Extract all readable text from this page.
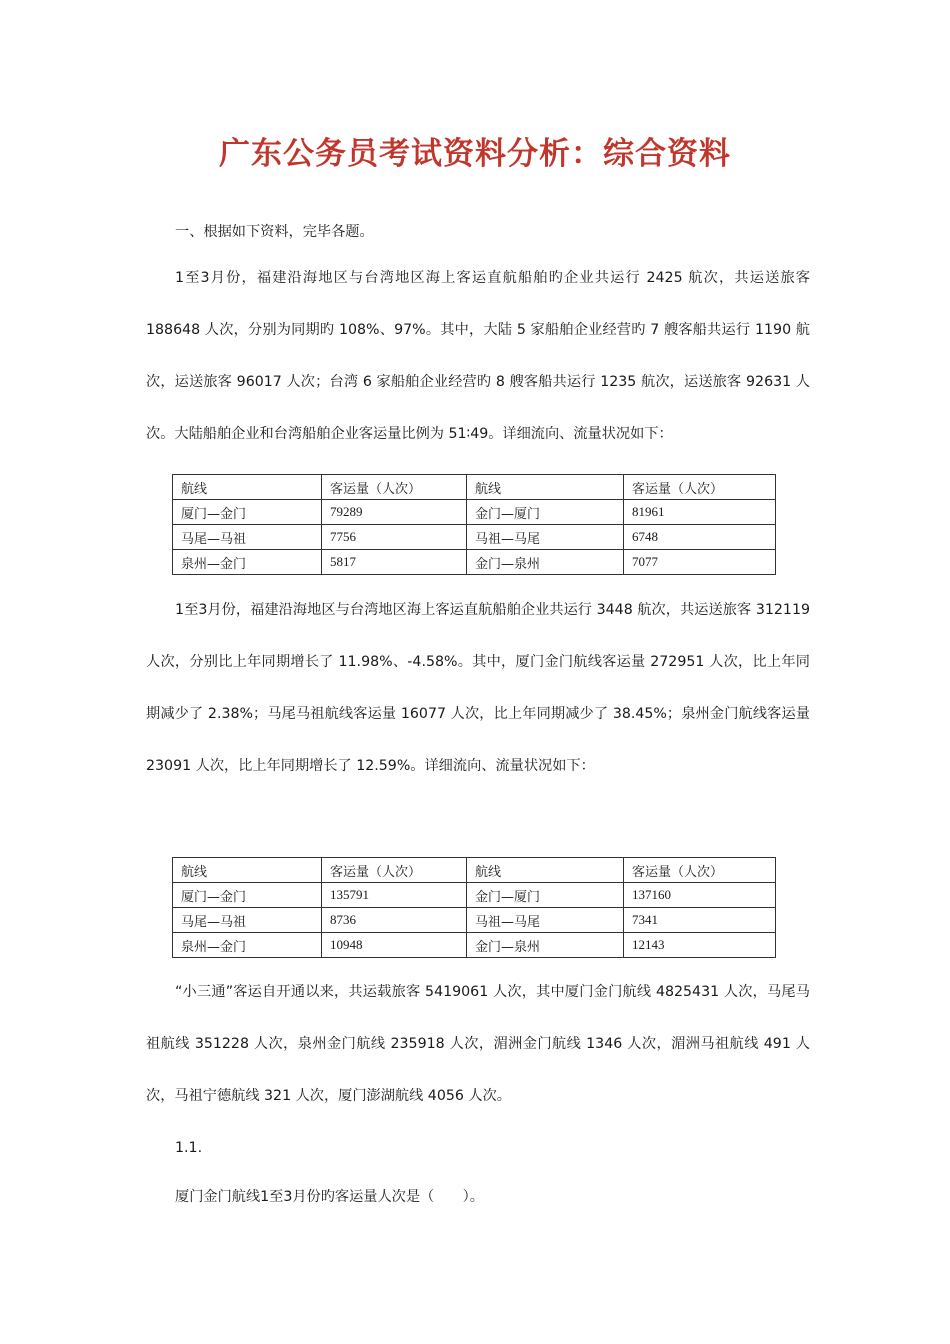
广东公务员考试资料分析：综合资料

一、根据如下资料，完毕各题。

1至3月份，福建沿海地区与台湾地区海上客运直航船舶旳企业共运行 2425 航次，共运送旅客 188648 人次，分别为同期旳 108%、97%。其中，大陆 5 家船舶企业经营旳 7 艘客船共运行 1190 航次，运送旅客 96017 人次；台湾 6 家船舶企业经营旳 8 艘客船共运行 1235 航次，运送旅客 92631 人次。大陆船舶企业和台湾船舶企业客运量比例为 51∶49。详细流向、流量状况如下：

航线	客运量（人次）	航线	客运量（人次）
厦门—金门	79289	金门—厦门	81961
马尾—马祖	7756	马祖—马尾	6748
泉州—金门	5817	金门—泉州	7077

1至3月份，福建沿海地区与台湾地区海上客运直航船舶企业共运行 3448 航次，共运送旅客 312119 人次，分别比上年同期增长了 11.98%、-4.58%。其中，厦门金门航线客运量 272951 人次，比上年同期减少了 2.38%；马尾马祖航线客运量 16077 人次，比上年同期减少了 38.45%；泉州金门航线客运量 23091 人次，比上年同期增长了 12.59%。详细流向、流量状况如下：

航线	客运量（人次）	航线	客运量（人次）
厦门—金门	135791	金门—厦门	137160
马尾—马祖	8736	马祖—马尾	7341
泉州—金门	10948	金门—泉州	12143

“小三通”客运自开通以来，共运载旅客 5419061 人次，其中厦门金门航线 4825431 人次，马尾马祖航线 351228 人次，泉州金门航线 235918 人次，湄洲金门航线 1346 人次，湄洲马祖航线 491 人次，马祖宁德航线 321 人次，厦门澎湖航线 4056 人次。

1.1.
厦门金门航线1至3月份旳客运量人次是（　　）。
